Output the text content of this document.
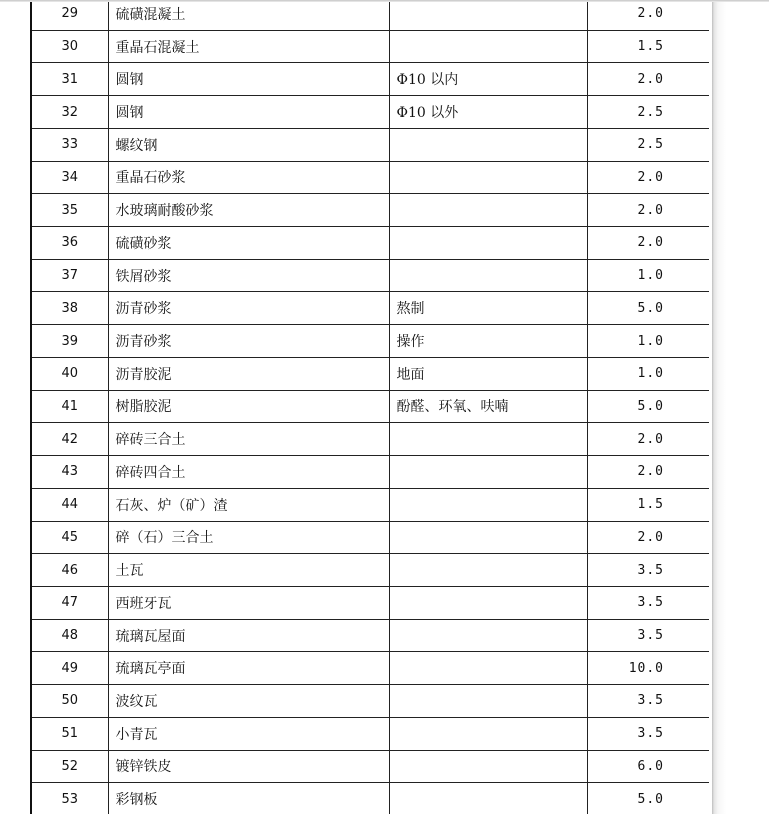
29	硫磺混凝土		2.0
30	重晶石混凝土		1.5
31	圆钢	Φ10 以内	2.0
32	圆钢	Φ10 以外	2.5
33	螺纹钢		2.5
34	重晶石砂浆		2.0
35	水玻璃耐酸砂浆		2.0
36	硫磺砂浆		2.0
37	铁屑砂浆		1.0
38	沥青砂浆	熬制	5.0
39	沥青砂浆	操作	1.0
40	沥青胶泥	地面	1.0
41	树脂胶泥	酚醛、环氧、呋喃	5.0
42	碎砖三合土		2.0
43	碎砖四合土		2.0
44	石灰、炉（矿）渣		1.5
45	碎（石）三合土		2.0
46	土瓦		3.5
47	西班牙瓦		3.5
48	琉璃瓦屋面		3.5
49	琉璃瓦亭面		10.0
50	波纹瓦		3.5
51	小青瓦		3.5
52	镀锌铁皮		6.0
53	彩钢板		5.0
